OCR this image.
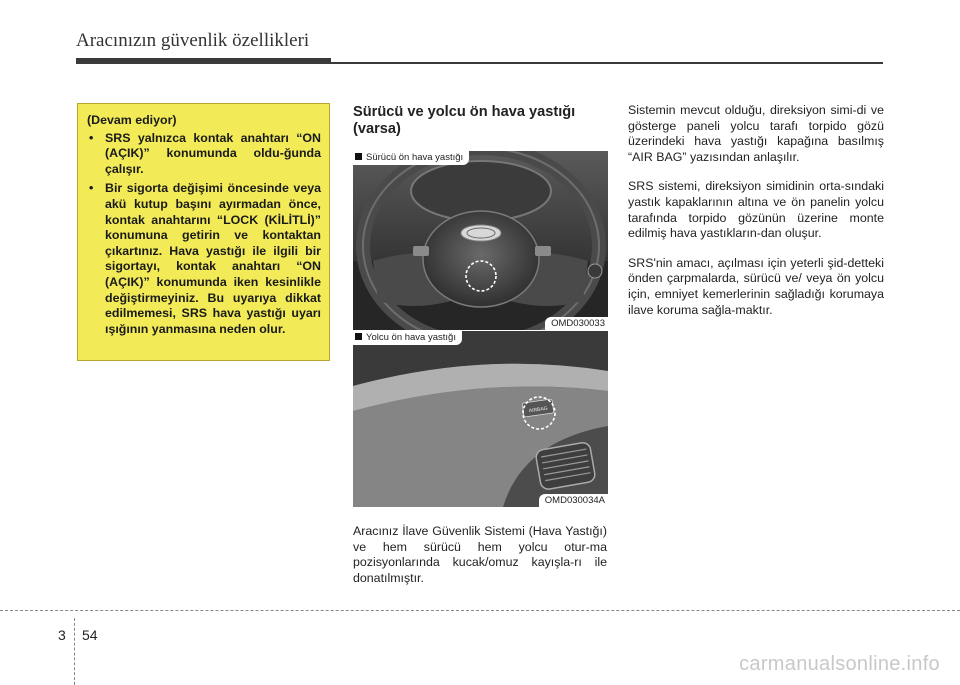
Aracınızın güvenlik özellikleri
(Devam ediyor)
• SRS yalnızca kontak anahtarı “ON (AÇIK)” konumunda oldu-ğunda çalışır.
• Bir sigorta değişimi öncesinde veya akü kutup başını ayırmadan önce, kontak anahtarını “LOCK (KİLİTLİ)” konumuna getirin ve kontaktan çıkartınız. Hava yastığı ile ilgili bir sigortayı, kontak anahtarı “ON (AÇIK)” konumunda iken kesinlikle değiştirmeyiniz. Bu uyarıya dikkat edilmemesi, SRS hava yastığı uyarı ışığının yanmasına neden olur.
Sürücü ve yolcu ön hava yastığı (varsa)
Sürücü ön hava yastığı
OMD030033
AIRBAG
Yolcu ön hava yastığı
OMD030034A
Aracınız İlave Güvenlik Sistemi (Hava Yastığı) ve hem sürücü hem yolcu otur-ma pozisyonlarında kucak/omuz kayışla-rı ile donatılmıştır.

Sistemin mevcut olduğu, direksiyon simi-di ve gösterge paneli yolcu tarafı torpido gözü üzerindeki hava yastığı kapağına basılmış “AIR BAG” yazısından anlaşılır.

SRS sistemi, direksiyon simidinin orta-sındaki yastık kapaklarının altına ve ön panelin yolcu tarafında torpido gözünün üzerine monte edilmiş hava yastıkların-dan oluşur.

SRS'nin amacı, açılması için yeterli şid-detteki önden çarpmalarda, sürücü ve/ veya ön yolcu için, emniyet kemerlerinin sağladığı korumaya ilave koruma sağla-maktır.

3 54
carmanualsonline.info
